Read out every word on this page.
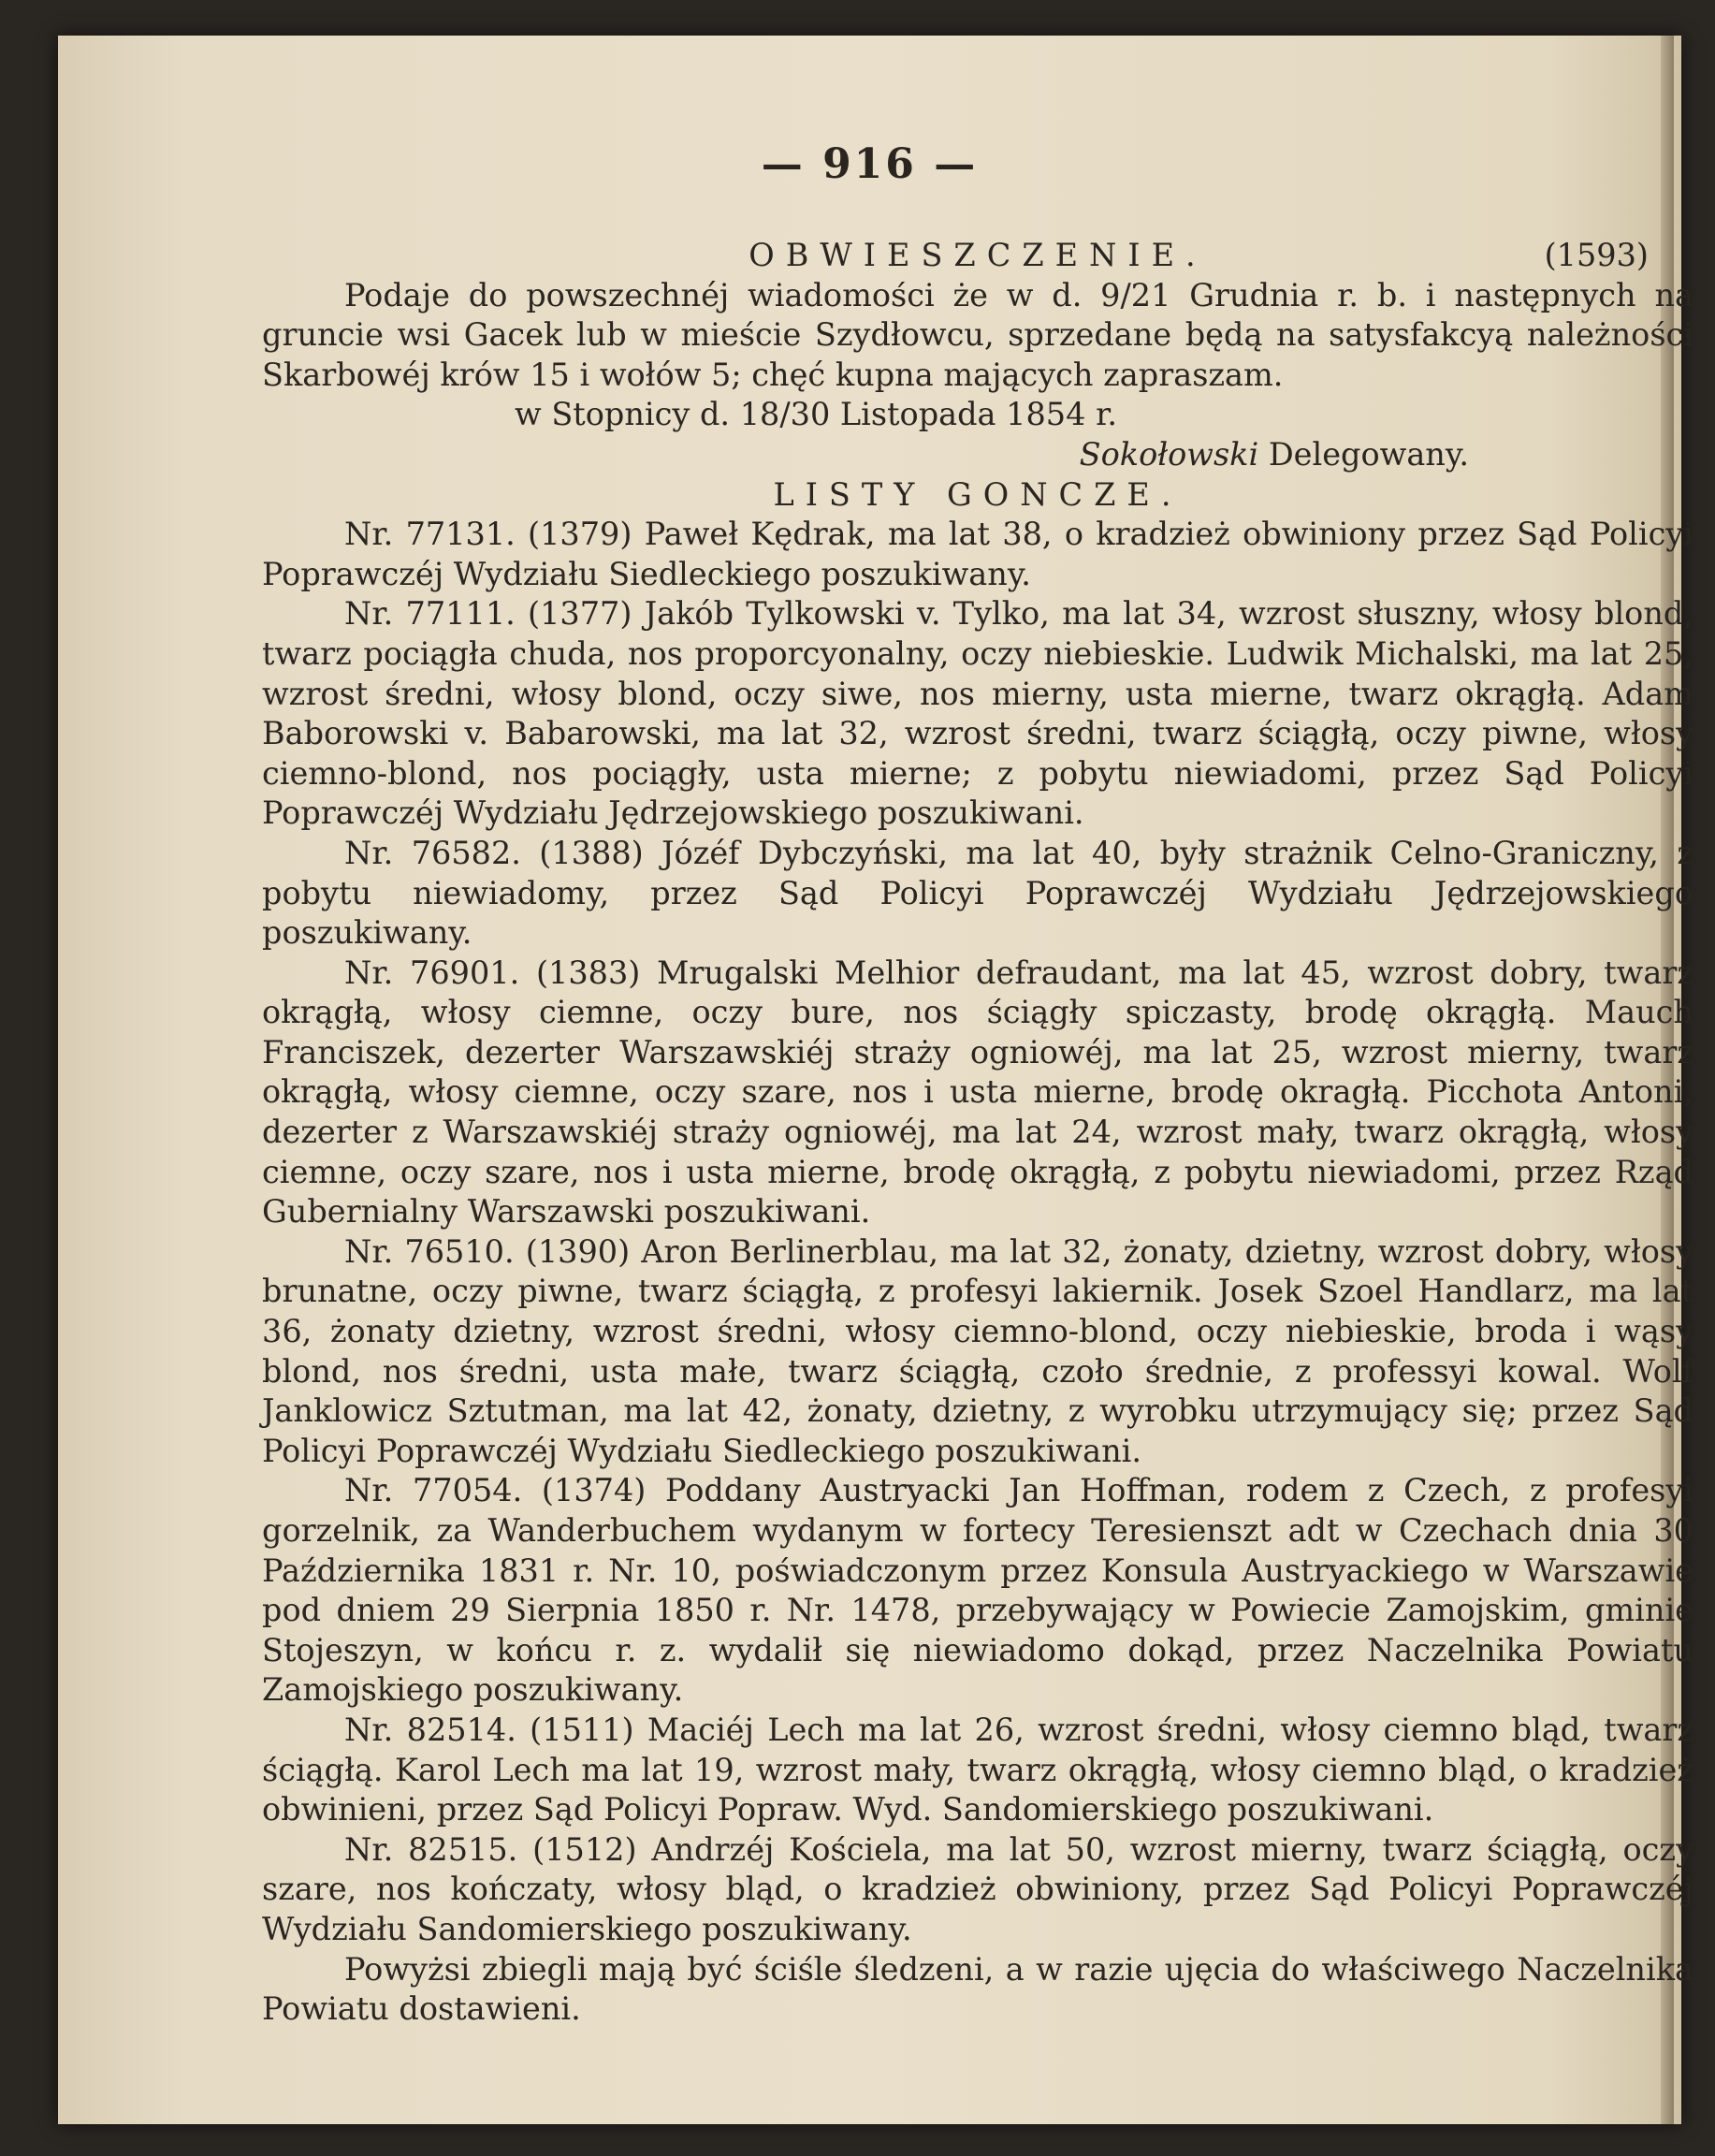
— 916 —
OBWIESZCZENIE.	(1593)

Podaje do powszechnéj wiadomości że w d. 9/21 Grudnia r. b. i następnych na gruncie wsi Gacek lub w mieście Szydłowcu, sprzedane będą na satysfakcyą należności Skarbowéj krów 15 i wołów 5; chęć kupna mających zapraszam.

w Stopnicy d. 18/30 Listopada 1854 r.
Sokołowski Delegowany.
LISTY GONCZE.

Nr. 77131. (1379) Paweł Kędrak, ma lat 38, o kradzież obwiniony przez Sąd Policyi Poprawczéj Wydziału Siedleckiego poszukiwany.

Nr. 77111. (1377) Jakób Tylkowski v. Tylko, ma lat 34, wzrost słuszny, włosy blond, twarz pociągła chuda, nos proporcyonalny, oczy niebieskie. Ludwik Michalski, ma lat 25, wzrost średni, włosy blond, oczy siwe, nos mierny, usta mierne, twarz okrągłą. Adam Baborowski v. Babarowski, ma lat 32, wzrost średni, twarz ściągłą, oczy piwne, włosy ciemno-blond, nos pociągły, usta mierne; z pobytu niewiadomi, przez Sąd Policyi Poprawczéj Wydziału Jędrzejowskiego poszukiwani.

Nr. 76582. (1388) Józéf Dybczyński, ma lat 40, były strażnik Celno-Graniczny, z pobytu niewiadomy, przez Sąd Policyi Poprawczéj Wydziału Jędrzejowskiego poszukiwany.

Nr. 76901. (1383) Mrugalski Melhior defraudant, ma lat 45, wzrost dobry, twarz okrągłą, włosy ciemne, oczy bure, nos ściągły spiczasty, brodę okrągłą. Mauch Franciszek, dezerter Warszawskiéj straży ogniowéj, ma lat 25, wzrost mierny, twarz okrągłą, włosy ciemne, oczy szare, nos i usta mierne, brodę okragłą. Picchota Antoni, dezerter z Warszawskiéj straży ogniowéj, ma lat 24, wzrost mały, twarz okrągłą, włosy ciemne, oczy szare, nos i usta mierne, brodę okrągłą, z pobytu niewiadomi, przez Rząd Gubernialny Warszawski poszukiwani.

Nr. 76510. (1390) Aron Berlinerblau, ma lat 32, żonaty, dzietny, wzrost dobry, włosy brunatne, oczy piwne, twarz ściągłą, z profesyi lakiernik. Josek Szoel Handlarz, ma lat 36, żonaty dzietny, wzrost średni, włosy ciemno-blond, oczy niebieskie, broda i wąsy blond, nos średni, usta małe, twarz ściągłą, czoło średnie, z professyi kowal. Wolf Janklowicz Sztutman, ma lat 42, żonaty, dzietny, z wyrobku utrzymujący się; przez Sąd Policyi Poprawczéj Wydziału Siedleckiego poszukiwani.

Nr. 77054. (1374) Poddany Austryacki Jan Hoffman, rodem z Czech, z profesyi gorzelnik, za Wanderbuchem wydanym w fortecy Teresienszt adt w Czechach dnia 30 Października 1831 r. Nr. 10, poświadczonym przez Konsula Austryackiego w Warszawie pod dniem 29 Sierpnia 1850 r. Nr. 1478, przebywający w Powiecie Zamojskim, gminie Stojeszyn, w końcu r. z. wydalił się niewiadomo dokąd, przez Naczelnika Powiatu Zamojskiego poszukiwany.

Nr. 82514. (1511) Maciéj Lech ma lat 26, wzrost średni, włosy ciemno bląd, twarz ściągłą. Karol Lech ma lat 19, wzrost mały, twarz okrągłą, włosy ciemno bląd, o kradzież obwinieni, przez Sąd Policyi Popraw. Wyd. Sandomierskiego poszukiwani.

Nr. 82515. (1512) Andrzéj Kościela, ma lat 50, wzrost mierny, twarz ściągłą, oczy szare, nos kończaty, włosy bląd, o kradzież obwiniony, przez Sąd Policyi Poprawczéj Wydziału Sandomierskiego poszukiwany.

Powyżsi zbiegli mają być ściśle śledzeni, a w razie ujęcia do właściwego Naczelnika Powiatu dostawieni.
